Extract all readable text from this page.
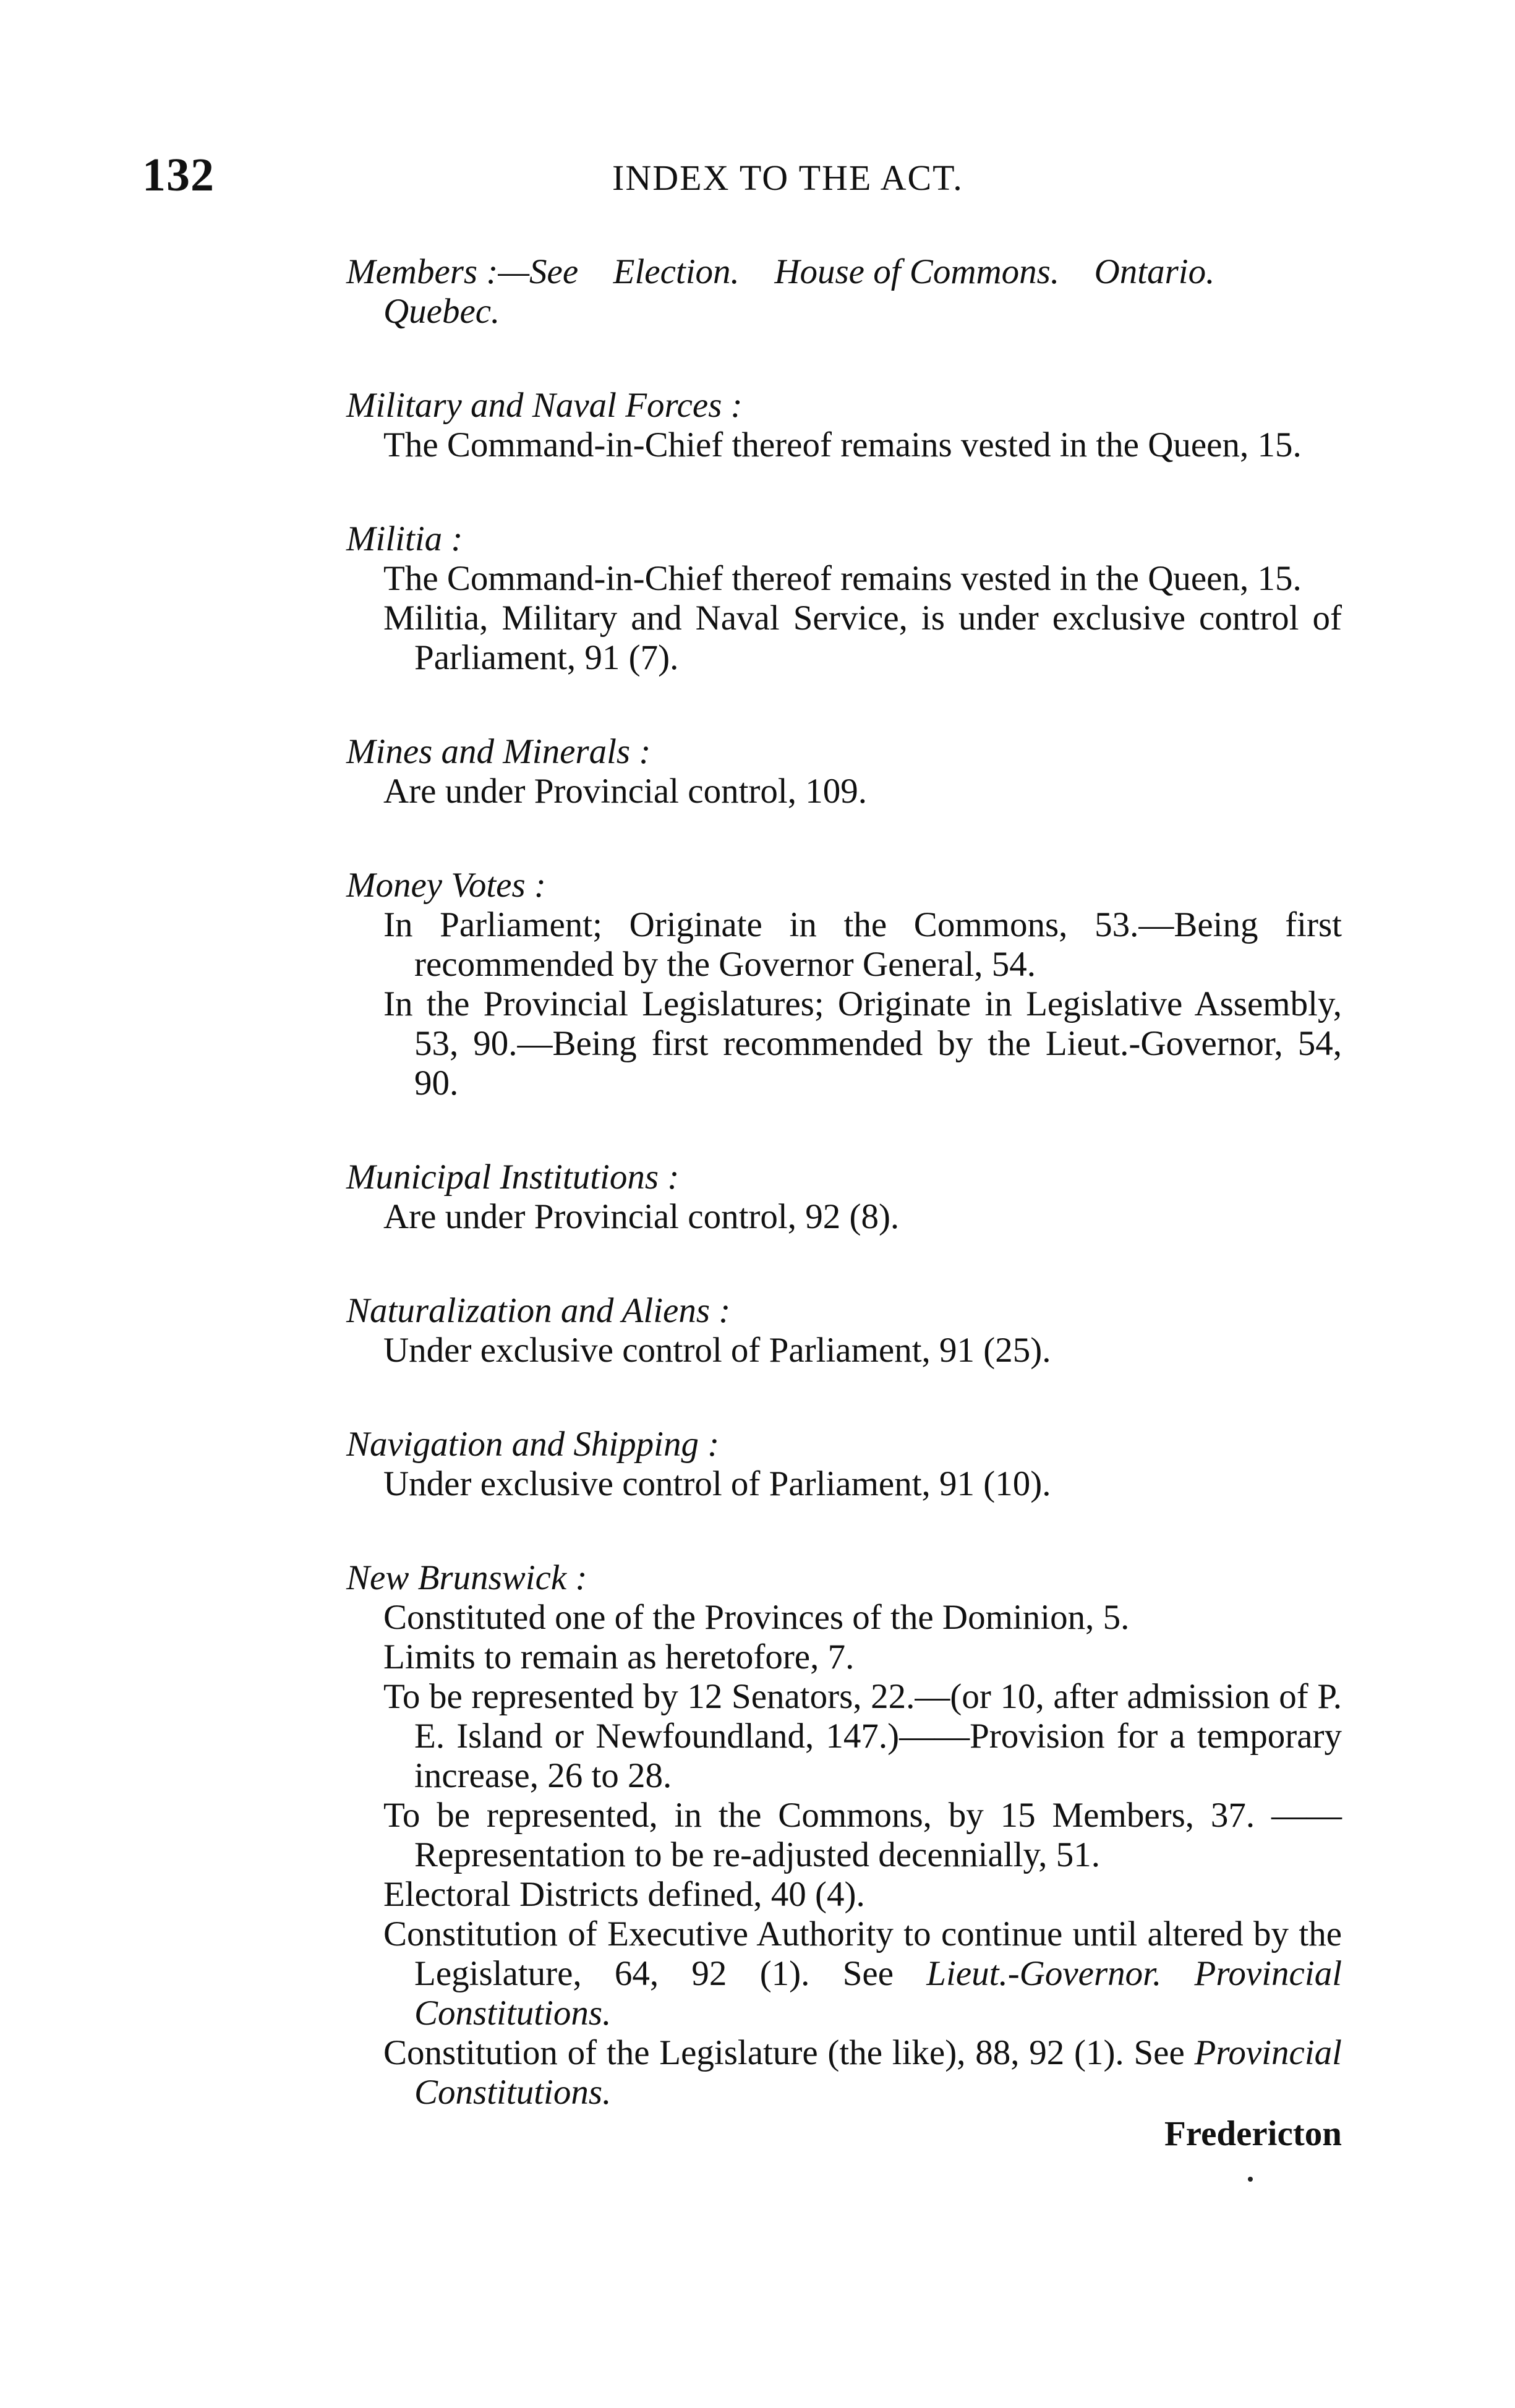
132	INDEX TO THE ACT.
Members :—See Election. House of Commons. Ontario.
Quebec.
Military and Naval Forces :
The Command-in-Chief thereof remains vested in the Queen, 15.
Militia :
The Command-in-Chief thereof remains vested in the Queen, 15.
Militia, Military and Naval Service, is under exclusive control of Parliament, 91 (7).
Mines and Minerals :
Are under Provincial control, 109.
Money Votes :
In Parliament; Originate in the Commons, 53.—Being first recommended by the Governor General, 54.
In the Provincial Legislatures; Originate in Legislative Assembly, 53, 90.—Being first recommended by the Lieut.-Governor, 54, 90.
Municipal Institutions :
Are under Provincial control, 92 (8).
Naturalization and Aliens :
Under exclusive control of Parliament, 91 (25).
Navigation and Shipping :
Under exclusive control of Parliament, 91 (10).
New Brunswick :
Constituted one of the Provinces of the Dominion, 5.
Limits to remain as heretofore, 7.
To be represented by 12 Senators, 22.—(or 10, after admission of P. E. Island or Newfoundland, 147.)——Provision for a temporary increase, 26 to 28.
To be represented, in the Commons, by 15 Members, 37. ——Representation to be re-adjusted decennially, 51.
Electoral Districts defined, 40 (4).
Constitution of Executive Authority to continue until altered by the Legislature, 64, 92 (1). See Lieut.-Governor. Provincial Constitutions.
Constitution of the Legislature (the like), 88, 92 (1). See Provincial Constitutions.
Fredericton
